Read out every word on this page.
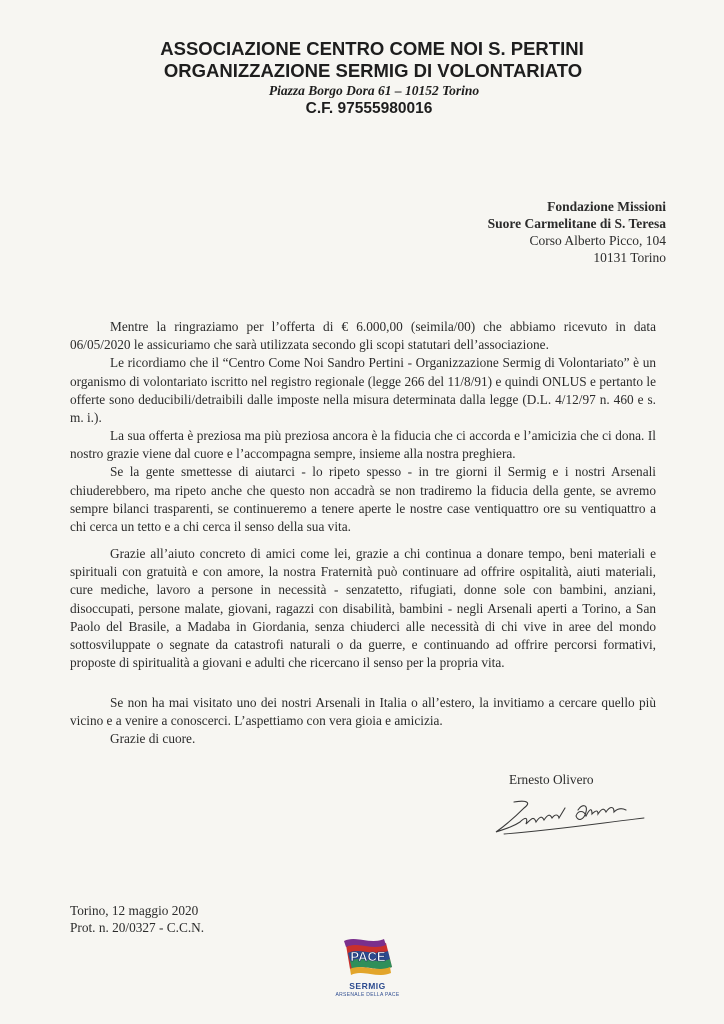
ASSOCIAZIONE CENTRO COME NOI S. PERTINI
ORGANIZZAZIONE SERMIG DI VOLONTARIATO
Piazza Borgo Dora 61 – 10152 Torino
C.F. 97555980016
Fondazione Missioni
Suore Carmelitane di S. Teresa
Corso Alberto Picco, 104
10131 Torino
Mentre la ringraziamo per l’offerta di € 6.000,00 (seimila/00) che abbiamo ricevuto in data 06/05/2020 le assicuriamo che sarà utilizzata secondo gli scopi statutari dell’associazione.
Le ricordiamo che il “Centro Come Noi Sandro Pertini - Organizzazione Sermig di Volontariato” è un organismo di volontariato iscritto nel registro regionale (legge 266 del 11/8/91) e quindi ONLUS e pertanto le offerte sono deducibili/detraibili dalle imposte nella misura determinata dalla legge (D.L. 4/12/97 n. 460 e s. m. i.).
La sua offerta è preziosa ma più preziosa ancora è la fiducia che ci accorda e l’amicizia che ci dona. Il nostro grazie viene dal cuore e l’accompagna sempre, insieme alla nostra preghiera.
Se la gente smettesse di aiutarci - lo ripeto spesso - in tre giorni il Sermig e i nostri Arsenali chiuderebbero, ma ripeto anche che questo non accadrà se non tradiremo la fiducia della gente, se avremo sempre bilanci trasparenti, se continueremo a tenere aperte le nostre case ventiquattro ore su ventiquattro a chi cerca un tetto e a chi cerca il senso della sua vita.
Grazie all’aiuto concreto di amici come lei, grazie a chi continua a donare tempo, beni materiali e spirituali con gratuità e con amore, la nostra Fraternità può continuare ad offrire ospitalità, aiuti materiali, cure mediche, lavoro a persone in necessità - senzatetto, rifugiati, donne sole con bambini, anziani, disoccupati, persone malate, giovani, ragazzi con disabilità, bambini - negli Arsenali aperti a Torino, a San Paolo del Brasile, a Madaba in Giordania, senza chiuderci alle necessità di chi vive in aree del mondo sottosviluppate o segnate da catastrofi naturali o da guerre, e continuando ad offrire percorsi formativi, proposte di spiritualità a giovani e adulti che ricercano il senso per la propria vita.
Se non ha mai visitato uno dei nostri Arsenali in Italia o all’estero, la invitiamo a cercare quello più vicino e a venire a conoscerci. L’aspettiamo con vera gioia e amicizia.
Grazie di cuore.
Ernesto Olivero
Torino, 12 maggio 2020
Prot. n. 20/0327 - C.C.N.
PACE
SERMIG
ARSENALE DELLA PACE
